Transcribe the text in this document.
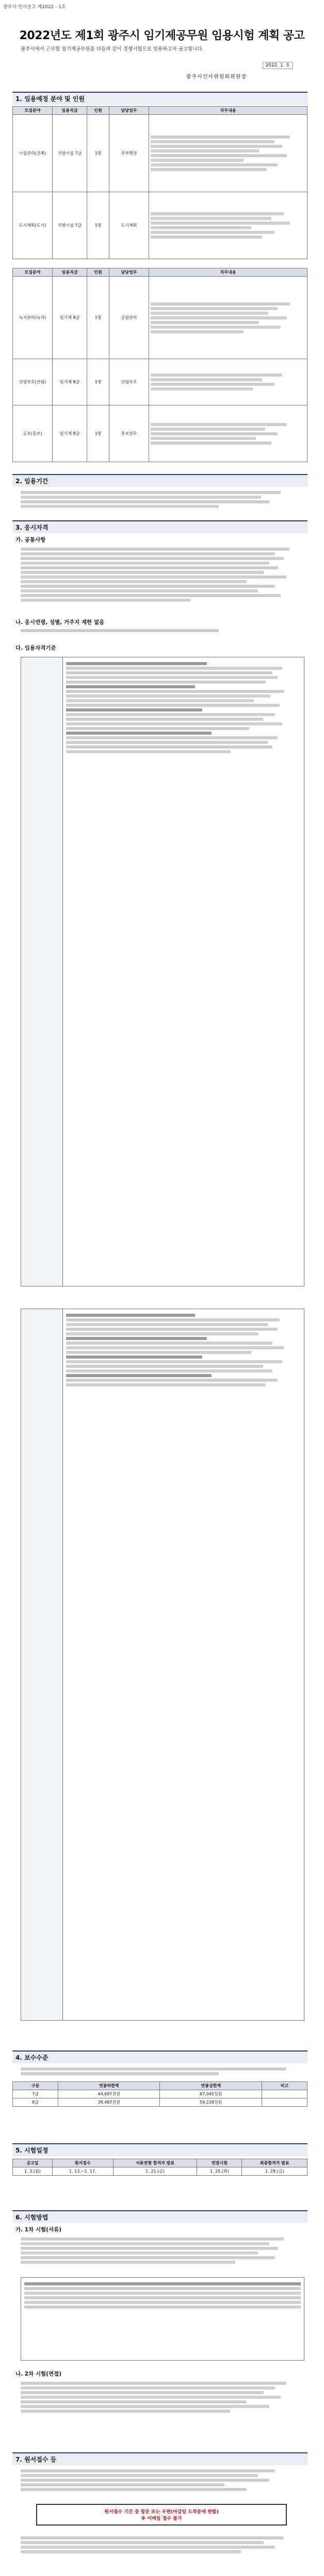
광주시 인사공고 제2022 - 1호
2022년도 제1회 광주시 임기제공무원 임용시험 계획 공고
광주시에서 근무할 임기제공무원을 다음과 같이 경쟁시험으로 임용하고자 공고합니다.
2022. 1. 3.
광주시인사위원회위원장
1. 임용예정 분야 및 인원
모집분야	임용직급	인원	담당업무	직무내용
시설관리(건축)	지방시설 7급	1명	주차행정	

도시계획(도시)	지방시설 7급	1명	도시계획	
모집분야	임용직급	인원	담당업무	직무내용
녹지관리(녹지)	임기제 8급	1명	공원관리	

산림보호(산림)	임기제 8급	1명	산림보호	

공보(홍보)	임기제 8급	1명	홍보업무	
2. 임용기간
3. 응시자격
가. 공통사항
나. 응시연령, 성별, 거주지 제한 없음
다. 임용자격기준
4. 보수수준
구분	연봉하한액	연봉상한액	비고
7급	44,697천원	67,045천원	
8급	39,487천원	59,228천원	
5. 시험일정
공고일	원서접수	서류전형 합격자 발표	면접시험	최종합격자 발표
1. 3.(월)	1. 13.~1. 17.	1. 21.(금)	1. 25.(화)	1. 28.(금)
6. 시험방법
가. 1차 시험(서류)
나. 2차 시험(면접)
7. 원서접수 등
원서접수 기간 중 방문 또는 우편(마감일 도착분에 한함)
※ 이메일 접수 불가
